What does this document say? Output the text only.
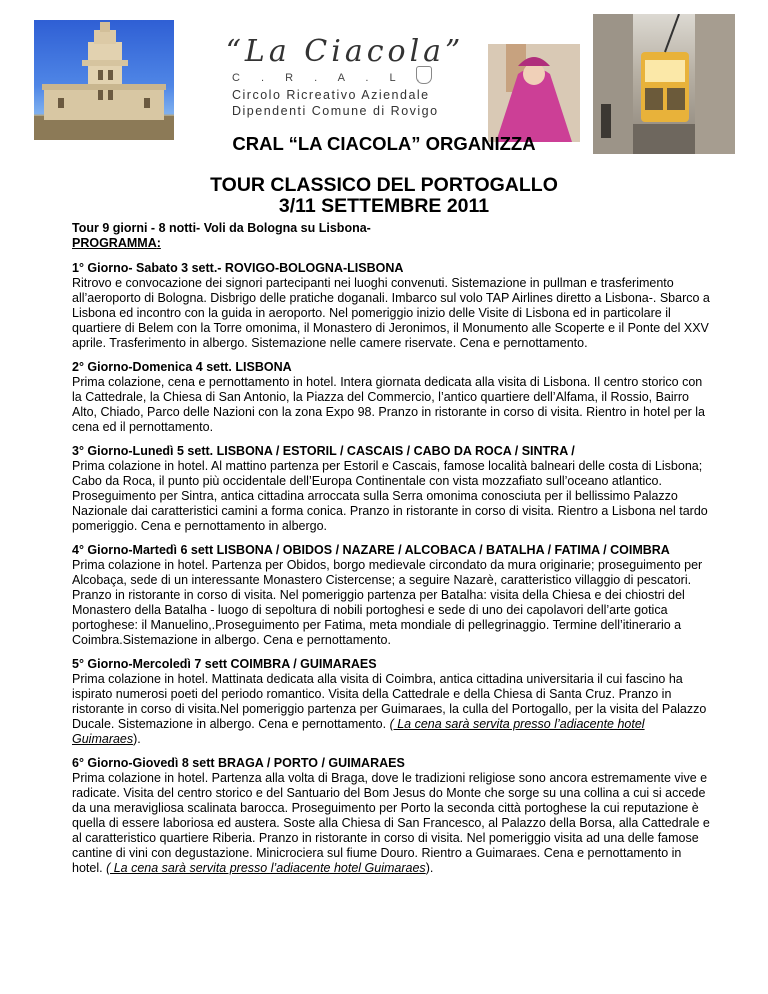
“La Ciacola”
C . R . A . L .
Circolo Ricreativo Aziendale
Dipendenti Comune di Rovigo
CRAL “LA CIACOLA” ORGANIZZA
TOUR CLASSICO DEL PORTOGALLO
3/11 SETTEMBRE 2011
Tour 9 giorni - 8 notti- Voli da Bologna su Lisbona-
PROGRAMMA:
1° Giorno- Sabato 3 sett.- ROVIGO-BOLOGNA-LISBONA
Ritrovo e convocazione dei signori partecipanti nei luoghi convenuti. Sistemazione in pullman e trasferimento all’aeroporto di Bologna. Disbrigo delle pratiche doganali. Imbarco sul volo TAP Airlines diretto a Lisbona-. Sbarco a Lisbona ed incontro con la guida in aeroporto. Nel pomeriggio inizio delle Visite di Lisbona ed in particolare il quartiere di Belem con la Torre omonima, il Monastero di Jeronimos, il Monumento alle Scoperte e il Ponte del XXV aprile. Trasferimento in albergo. Sistemazione nelle camere riservate. Cena e pernottamento.
2° Giorno-Domenica 4 sett. LISBONA
Prima colazione, cena e pernottamento in hotel. Intera giornata dedicata alla visita di Lisbona. Il centro storico con la Cattedrale, la Chiesa di San Antonio, la Piazza del Commercio, l’antico quartiere dell’Alfama, il Rossio, Bairro Alto, Chiado, Parco delle Nazioni con la zona Expo 98. Pranzo in ristorante in corso di visita. Rientro in hotel per la cena ed il pernottamento.
3° Giorno-Lunedì 5 sett. LISBONA / ESTORIL / CASCAIS / CABO DA ROCA / SINTRA /
Prima colazione in hotel. Al mattino partenza per Estoril e Cascais, famose località balneari delle costa di Lisbona; Cabo da Roca, il punto più occidentale dell’Europa Continentale con vista mozzafiato sull’oceano atlantico. Proseguimento per Sintra, antica cittadina arroccata sulla Serra omonima conosciuta per il bellissimo Palazzo Nazionale dai caratteristici camini a forma conica. Pranzo in ristorante in corso di visita. Rientro a Lisbona nel tardo pomeriggio. Cena e pernottamento in albergo.
4° Giorno-Martedì 6 sett LISBONA / OBIDOS / NAZARE / ALCOBACA / BATALHA / FATIMA / COIMBRA
Prima colazione in hotel. Partenza per Obidos, borgo medievale circondato da mura originarie; proseguimento per Alcobaça, sede di un interessante Monastero Cistercense; a seguire Nazarè, caratteristico villaggio di pescatori. Pranzo in ristorante in corso di visita. Nel pomeriggio partenza per Batalha: visita della Chiesa e dei chiostri del Monastero della Batalha - luogo di sepoltura di nobili portoghesi e sede di uno dei capolavori dell’arte gotica portoghese: il Manuelino,.Proseguimento per Fatima, meta mondiale di pellegrinaggio. Termine dell’itinerario a Coimbra.Sistemazione in albergo. Cena e pernottamento.
5° Giorno-Mercoledì 7 sett COIMBRA / GUIMARAES
Prima colazione in hotel. Mattinata dedicata alla visita di Coimbra, antica cittadina universitaria il cui fascino ha ispirato numerosi poeti del periodo romantico. Visita della Cattedrale e della Chiesa di Santa Cruz. Pranzo in ristorante in corso di visita.Nel pomeriggio partenza per Guimaraes, la culla del Portogallo, per la visita del Palazzo Ducale. Sistemazione in albergo. Cena e pernottamento. ( La cena sarà servita presso l’adiacente hotel Guimaraes).
6° Giorno-Giovedì 8 sett BRAGA / PORTO / GUIMARAES
Prima colazione in hotel. Partenza alla volta di Braga, dove le tradizioni religiose sono ancora estremamente vive e radicate. Visita del centro storico e del Santuario del Bom Jesus do Monte che sorge su una collina a cui si accede da una meravigliosa scalinata barocca. Proseguimento per Porto la seconda città portoghese la cui reputazione è quella di essere laboriosa ed austera. Soste alla Chiesa di San Francesco, al Palazzo della Borsa, alla Cattedrale e al caratteristico quartiere Riberia. Pranzo in ristorante in corso di visita. Nel pomeriggio visita ad una delle famose cantine di vini con degustazione. Minicrociera sul fiume Douro. Rientro a Guimaraes. Cena e pernottamento in hotel. ( La cena sarà servita presso l’adiacente hotel Guimaraes).
